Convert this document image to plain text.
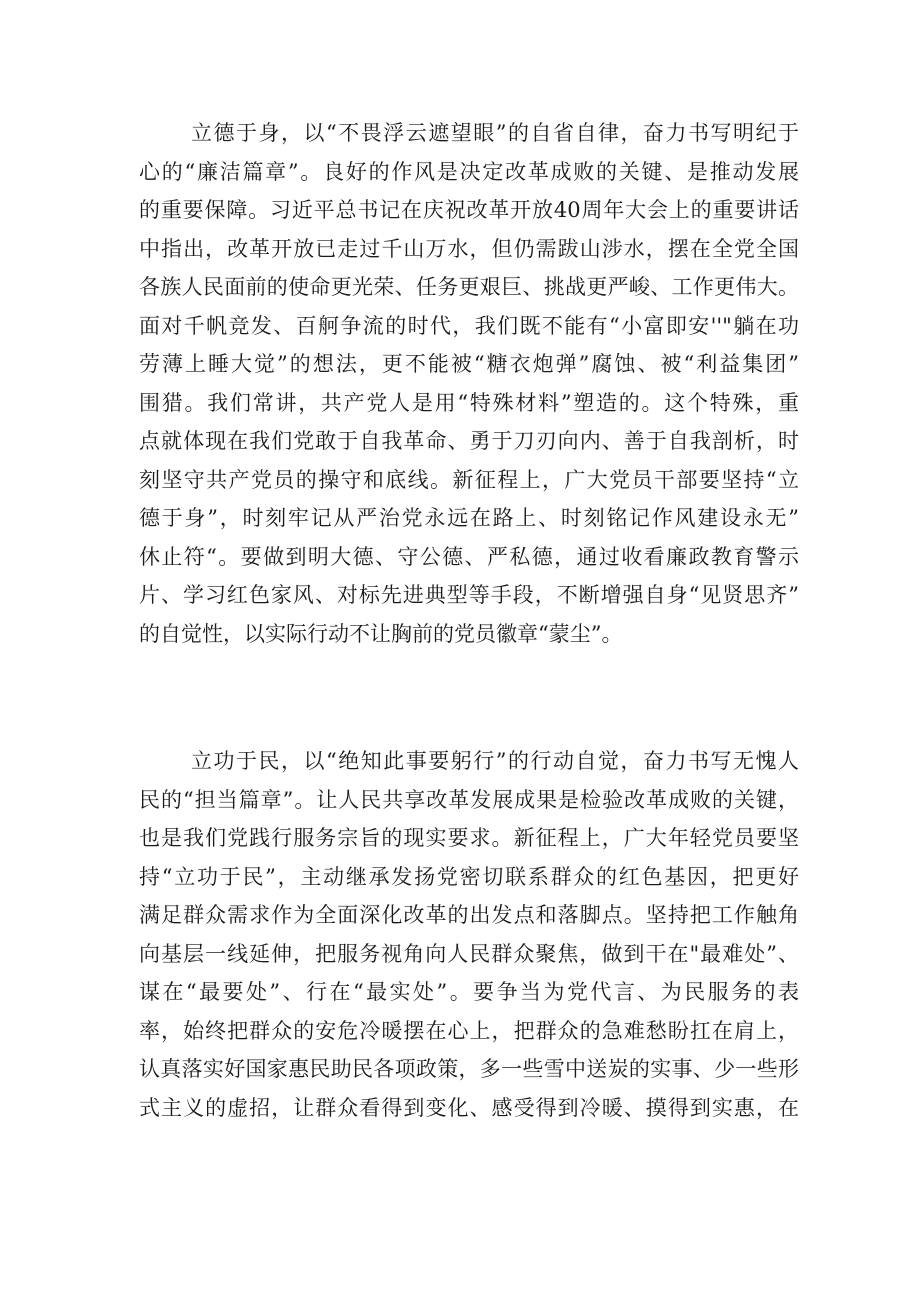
立德于身，以“不畏浮云遮望眼”的自省自律，奋力书写明纪于
心的“廉洁篇章”。良好的作风是决定改革成败的关键、是推动发展
的重要保障。习近平总书记在庆祝改革开放40周年大会上的重要讲话
中指出，改革开放已走过千山万水，但仍需跋山涉水，摆在全党全国
各族人民面前的使命更光荣、任务更艰巨、挑战更严峻、工作更伟大。
面对千帆竞发、百舸争流的时代，我们既不能有“小富即安''"躺在功
劳薄上睡大觉”的想法，更不能被“糖衣炮弹”腐蚀、被“利益集团”
围猎。我们常讲，共产党人是用“特殊材料”塑造的。这个特殊，重
点就体现在我们党敢于自我革命、勇于刀刃向内、善于自我剖析，时
刻坚守共产党员的操守和底线。新征程上，广大党员干部要坚持“立
德于身”，时刻牢记从严治党永远在路上、时刻铭记作风建设永无”
休止符“。要做到明大德、守公德、严私德，通过收看廉政教育警示
片、学习红色家风、对标先进典型等手段，不断增强自身“见贤思齐”
的自觉性，以实际行动不让胸前的党员徽章“蒙尘”。
立功于民，以“绝知此事要躬行”的行动自觉，奋力书写无愧人
民的“担当篇章”。让人民共享改革发展成果是检验改革成败的关键，
也是我们党践行服务宗旨的现实要求。新征程上，广大年轻党员要坚
持“立功于民”，主动继承发扬党密切联系群众的红色基因，把更好
满足群众需求作为全面深化改革的出发点和落脚点。坚持把工作触角
向基层一线延伸，把服务视角向人民群众聚焦，做到干在"最难处”、
谋在“最要处”、行在“最实处”。要争当为党代言、为民服务的表
率，始终把群众的安危冷暖摆在心上，把群众的急难愁盼扛在肩上，
认真落实好国家惠民助民各项政策，多一些雪中送炭的实事、少一些形
式主义的虚招，让群众看得到变化、感受得到冷暖、摸得到实惠，在
